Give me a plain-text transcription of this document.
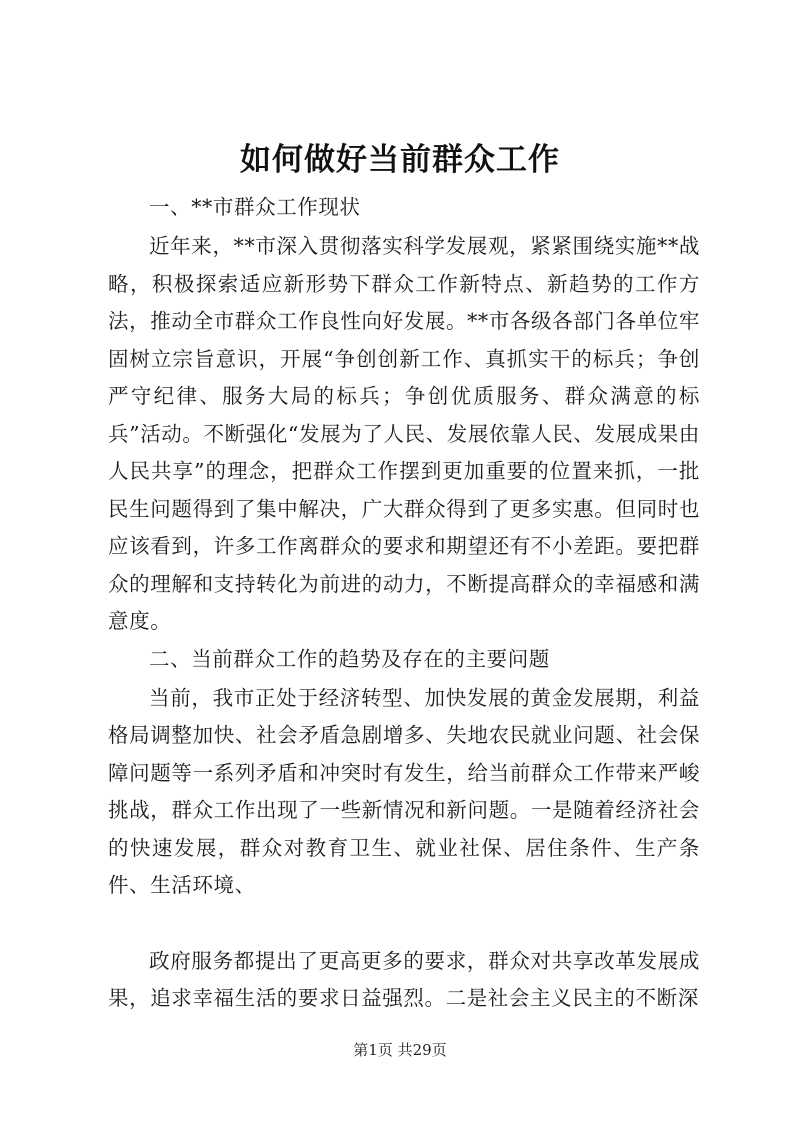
如何做好当前群众工作

一、**市群众工作现状

近年来，**市深入贯彻落实科学发展观，紧紧围绕实施**战略，积极探索适应新形势下群众工作新特点、新趋势的工作方法，推动全市群众工作良性向好发展。**市各级各部门各单位牢固树立宗旨意识，开展“争创创新工作、真抓实干的标兵；争创严守纪律、服务大局的标兵；争创优质服务、群众满意的标兵”活动。不断强化“发展为了人民、发展依靠人民、发展成果由人民共享”的理念，把群众工作摆到更加重要的位置来抓，一批民生问题得到了集中解决，广大群众得到了更多实惠。但同时也应该看到，许多工作离群众的要求和期望还有不小差距。要把群众的理解和支持转化为前进的动力，不断提高群众的幸福感和满意度。

二、当前群众工作的趋势及存在的主要问题

当前，我市正处于经济转型、加快发展的黄金发展期，利益格局调整加快、社会矛盾急剧增多、失地农民就业问题、社会保障问题等一系列矛盾和冲突时有发生，给当前群众工作带来严峻挑战，群众工作出现了一些新情况和新问题。一是随着经济社会的快速发展，群众对教育卫生、就业社保、居住条件、生产条件、生活环境、

政府服务都提出了更高更多的要求，群众对共享改革发展成果，追求幸福生活的要求日益强烈。二是社会主义民主的不断深

第1页 共29页
